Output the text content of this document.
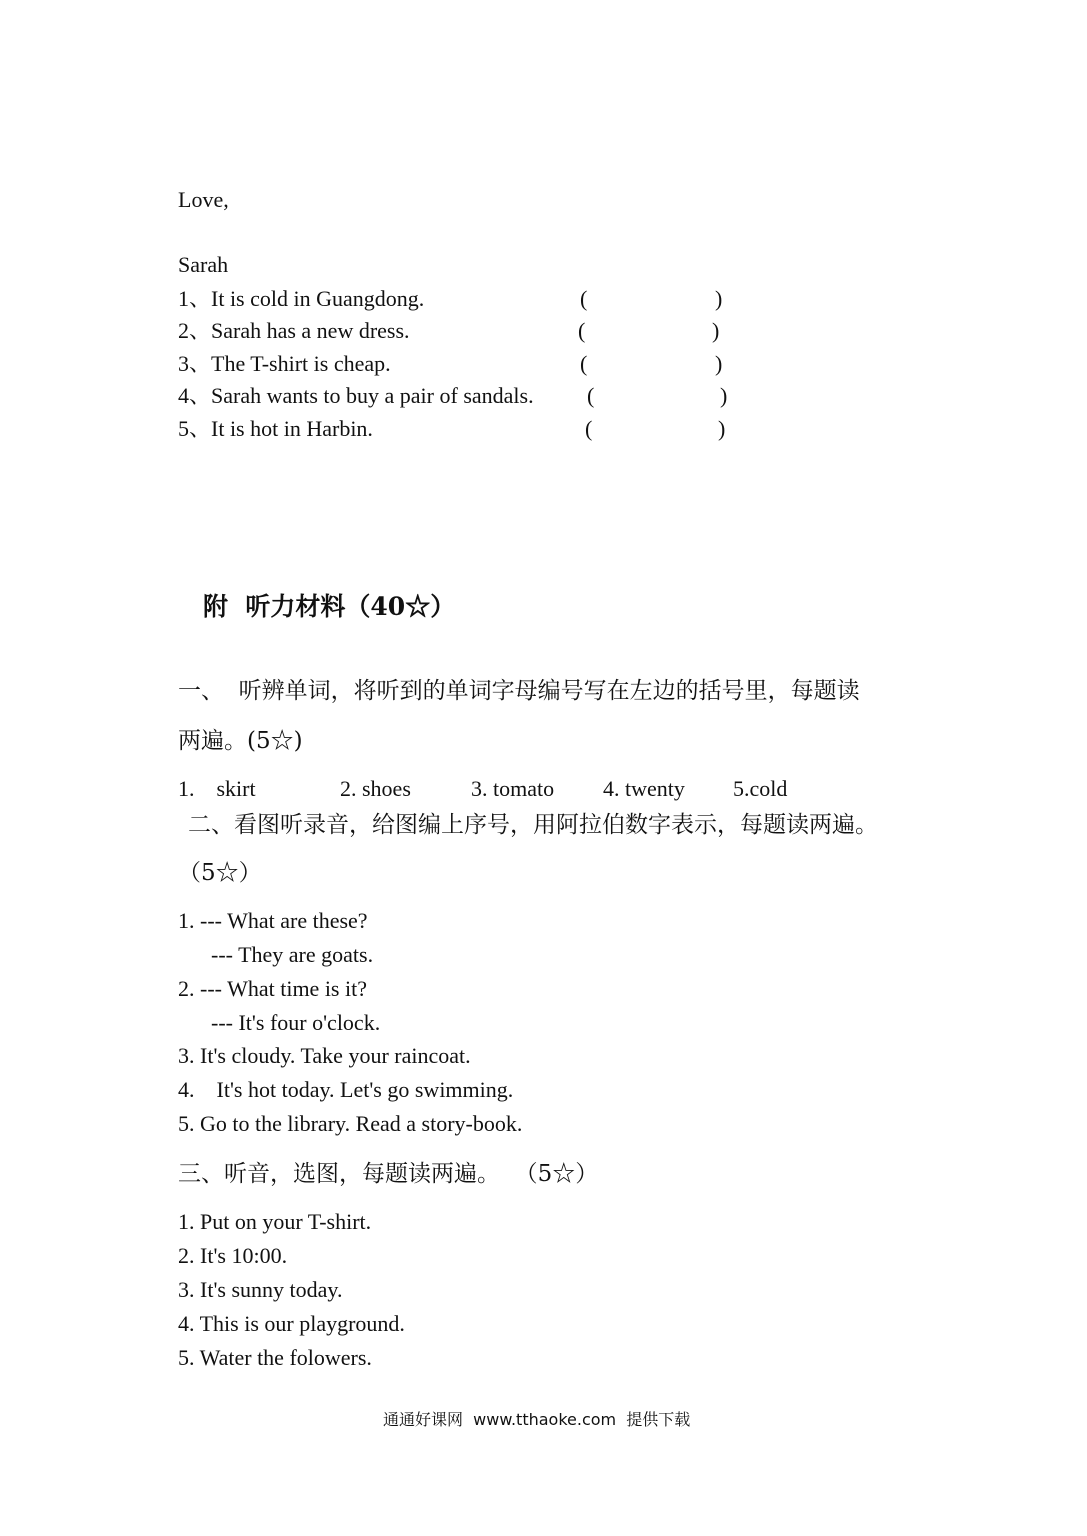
Love,
Sarah
1、It is cold in Guangdong.	(	)
2、Sarah has a new dress.	(	)
3、The T-shirt is cheap.	(	)
4、Sarah wants to buy a pair of sandals. (	)
5、It is hot in Harbin.	(	)
附  听力材料（40☆）
一、  听辨单词，将听到的单词字母编号写在左边的括号里，每题读
两遍。(5☆)
1.    skirt	2. shoes	3. tomato 4. twenty 5.cold
二、看图听录音，给图编上序号，用阿拉伯数字表示，每题读两遍。
（5☆）
1. --- What are these?
--- They are goats.
2. --- What time is it?
--- It's four o'clock.
3. It's cloudy. Take your raincoat.
4.    It's hot today. Let's go swimming.
5. Go to the library. Read a story-book.
三、听音，选图，每题读两遍。  （5☆）
1. Put on your T-shirt.
2. It's 10:00.
3. It's sunny today.
4. This is our playground.
5. Water the folowers.
通通好课网  www.tthaoke.com  提供下载
